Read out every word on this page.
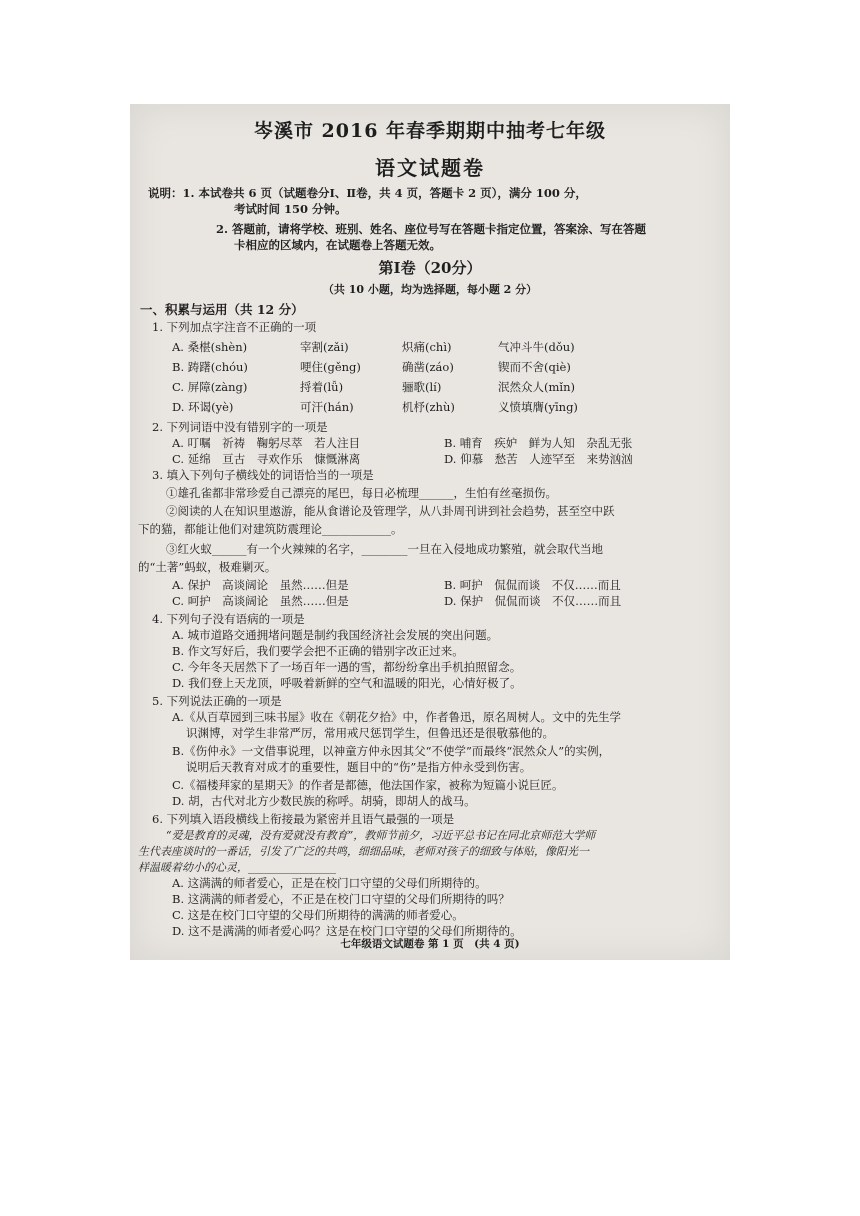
岑溪市 2016 年春季期期中抽考七年级
语文试题卷
说明：1. 本试卷共 6 页（试题卷分Ⅰ、Ⅱ卷，共 4 页，答题卡 2 页），满分 100 分，
考试时间 150 分钟。
2. 答题前，请将学校、班别、姓名、座位号写在答题卡指定位置，答案涂、写在答题
卡相应的区域内，在试题卷上答题无效。
第Ⅰ卷（20分）
（共 10 小题，均为选择题，每小题 2 分）
一、积累与运用（共 12 分）
1. 下列加点字注音不正确的一项
A. 桑椹(shèn)	宰割(zǎi)	炽痛(chì)	气冲斗牛(dǒu)
B. 踌躇(chóu)	哽住(gěng)	确凿(záo)	锲而不舍(qiè)
C. 屏障(zàng)	捋着(lǚ)	骊歌(lí)	泯然众人(mǐn)
D. 环谒(yè)	可汗(hán)	机杼(zhù)	义愤填膺(yīng)
2. 下列词语中没有错别字的一项是
A. 叮嘱　祈祷　鞠躬尽萃　若人注目	B. 哺育　疾妒　鲜为人知　杂乱无张
C. 延绵　亘古　寻欢作乐　慷慨淋离	D. 仰慕　愁苦　人迹罕至　来势汹汹
3. 填入下列句子横线处的词语恰当的一项是
①雄孔雀都非常珍爱自己漂亮的尾巴，每日必梳理______，生怕有丝毫损伤。
②阅读的人在知识里遨游，能从食谱论及管理学，从八卦周刊讲到社会趋势，甚至空中跃
下的猫，都能让他们对建筑防震理论____________。
③红火蚁______有一个火辣辣的名字，________一旦在入侵地成功繁殖，就会取代当地
的“土著”蚂蚁，极难剿灭。
A. 保护　高谈阔论　虽然……但是	B. 呵护　侃侃而谈　不仅……而且
C. 呵护　高谈阔论　虽然……但是	D. 保护　侃侃而谈　不仅……而且
4. 下列句子没有语病的一项是
A. 城市道路交通拥堵问题是制约我国经济社会发展的突出问题。
B. 作文写好后，我们要学会把不正确的错别字改正过来。
C. 今年冬天居然下了一场百年一遇的雪，都纷纷拿出手机拍照留念。
D. 我们登上天龙顶，呼吸着新鲜的空气和温暖的阳光，心情好极了。
5. 下列说法正确的一项是
A.《从百草园到三味书屋》收在《朝花夕拾》中，作者鲁迅，原名周树人。文中的先生学
识渊博，对学生非常严厉，常用戒尺惩罚学生，但鲁迅还是很敬慕他的。
B.《伤仲永》一文借事说理，以神童方仲永因其父“不使学”而最终“泯然众人”的实例，
说明后天教育对成才的重要性，题目中的“伤”是指方仲永受到伤害。
C.《福楼拜家的星期天》的作者是都德，他法国作家，被称为短篇小说巨匠。
D. 胡，古代对北方少数民族的称呼。胡骑，即胡人的战马。
6. 下列填入语段横线上衔接最为紧密并且语气最强的一项是
“爱是教育的灵魂，没有爱就没有教育”，教师节前夕，习近平总书记在同北京师范大学师
生代表座谈时的一番话，引发了广泛的共鸣，细细品味，老师对孩子的细致与体贴，像阳光一
样温暖着幼小的心灵，________________
A. 这满满的师者爱心，正是在校门口守望的父母们所期待的。
B. 这满满的师者爱心，不正是在校门口守望的父母们所期待的吗？
C. 这是在校门口守望的父母们所期待的满满的师者爱心。
D. 这不是满满的师者爱心吗？这是在校门口守望的父母们所期待的。
七年级语文试题卷 第 1 页　(共 4 页)
